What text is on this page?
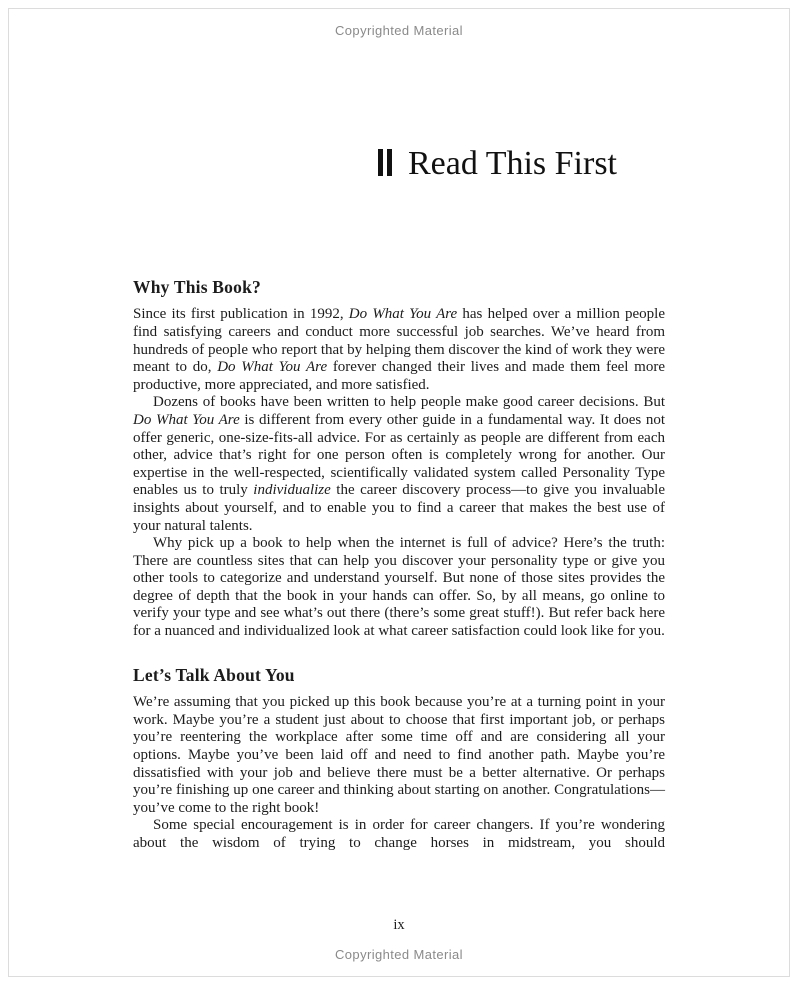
Copyrighted Material
Read This First
Why This Book?

Since its first publication in 1992, Do What You Are has helped over a million people find satisfying careers and conduct more successful job searches. We’ve heard from hundreds of people who report that by helping them discover the kind of work they were meant to do, Do What You Are forever changed their lives and made them feel more productive, more appreciated, and more satisfied.

Dozens of books have been written to help people make good career decisions. But Do What You Are is different from every other guide in a fundamental way. It does not offer generic, one-size-fits-all advice. For as certainly as people are different from each other, advice that’s right for one person often is completely wrong for another. Our expertise in the well-respected, scientifically validated system called Personality Type enables us to truly individualize the career discovery process—to give you invaluable insights about yourself, and to enable you to find a career that makes the best use of your natural talents.

Why pick up a book to help when the internet is full of advice? Here’s the truth: There are countless sites that can help you discover your personality type or give you other tools to categorize and understand yourself. But none of those sites provides the degree of depth that the book in your hands can offer. So, by all means, go online to verify your type and see what’s out there (there’s some great stuff!). But refer back here for a nuanced and individualized look at what career satisfaction could look like for you.

Let’s Talk About You

We’re assuming that you picked up this book because you’re at a turning point in your work. Maybe you’re a student just about to choose that first important job, or perhaps you’re reentering the workplace after some time off and are considering all your options. Maybe you’ve been laid off and need to find another path. Maybe you’re dissatisfied with your job and believe there must be a better alternative. Or perhaps you’re finishing up one career and thinking about starting on another. Congratulations—you’ve come to the right book!

Some special encouragement is in order for career changers. If you’re wondering about the wisdom of trying to change horses in midstream, you should

ix
Copyrighted Material
